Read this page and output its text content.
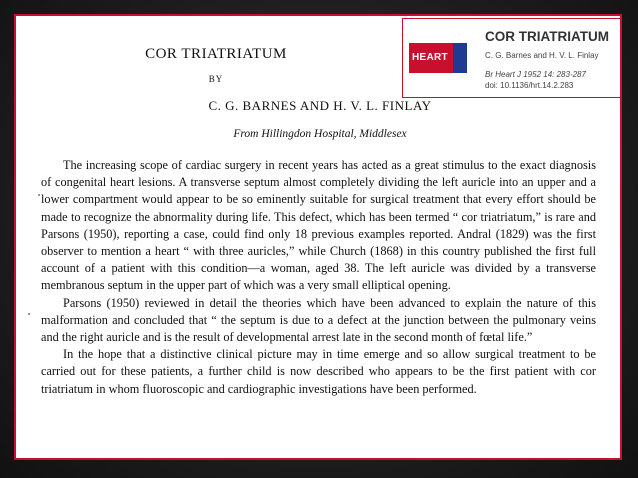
COR TRIATRIATUM
BY
C. G. BARNES AND H. V. L. FINLAY
From Hillingdon Hospital, Middlesex

The increasing scope of cardiac surgery in recent years has acted as a great stimulus to the exact diagnosis of congenital heart lesions. A transverse septum almost completely dividing the left auricle into an upper and a lower compartment would appear to be so eminently suitable for surgical treatment that every effort should be made to recognize the abnormality during life. This defect, which has been termed “ cor triatriatum,” is rare and Parsons (1950), reporting a case, could find only 18 previous examples reported. Andral (1829) was the first observer to mention a heart “ with three auricles,” while Church (1868) in this country published the first full account of a patient with this condition—a woman, aged 38. The left auricle was divided by a transverse membranous septum in the upper part of which was a very small elliptical opening.

Parsons (1950) reviewed in detail the theories which have been advanced to explain the nature of this malformation and concluded that “ the septum is due to a defect at the junction between the pulmonary veins and the right auricle and is the result of developmental arrest late in the second month of fœtal life.”

In the hope that a distinctive clinical picture may in time emerge and so allow surgical treatment to be carried out for these patients, a further child is now described who appears to be the first patient with cor triatriatum in whom fluoroscopic and cardiographic investigations have been performed.

HEART
COR TRIATRIATUM
C. G. Barnes and H. V. L. Finlay
Br Heart J 1952 14: 283-287
doi: 10.1136/hrt.14.2.283
